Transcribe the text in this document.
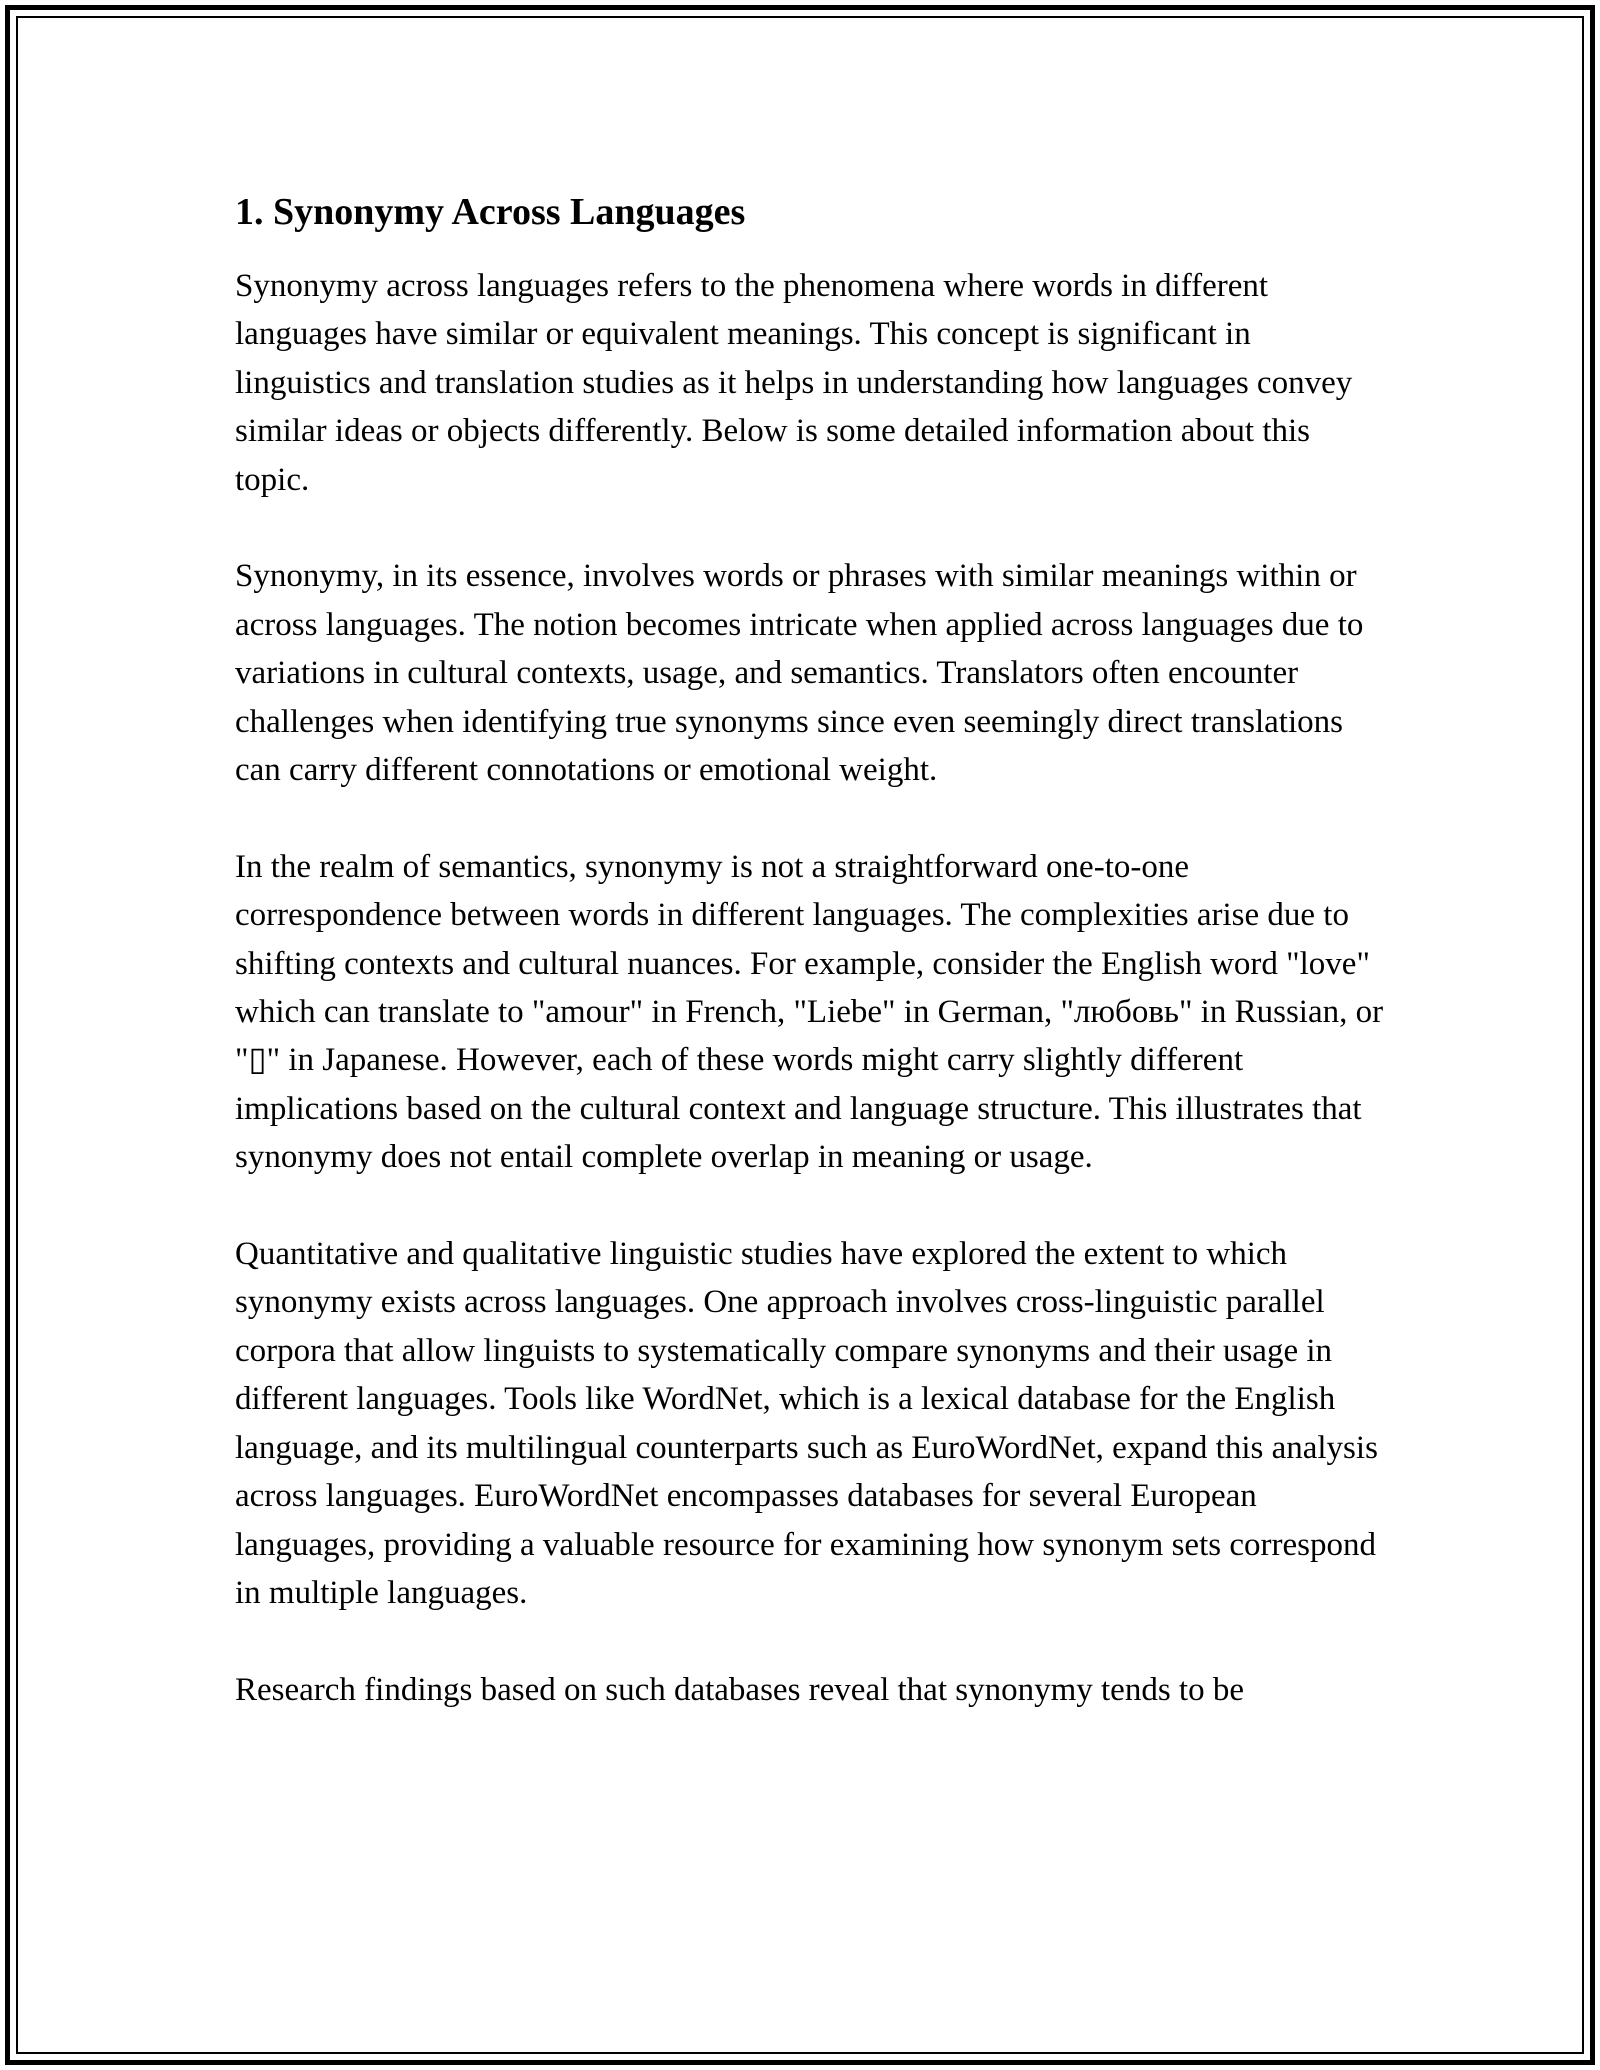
1. Synonymy Across Languages

Synonymy across languages refers to the phenomena where words in different languages have similar or equivalent meanings. This concept is significant in linguistics and translation studies as it helps in understanding how languages convey similar ideas or objects differently. Below is some detailed information about this topic.

Synonymy, in its essence, involves words or phrases with similar meanings within or across languages. The notion becomes intricate when applied across languages due to variations in cultural contexts, usage, and semantics. Translators often encounter challenges when identifying true synonyms since even seemingly direct translations can carry different connotations or emotional weight.

In the realm of semantics, synonymy is not a straightforward one-to-one correspondence between words in different languages. The complexities arise due to shifting contexts and cultural nuances. For example, consider the English word "love" which can translate to "amour" in French, "Liebe" in German, "любовь" in Russian, or "▯" in Japanese. However, each of these words might carry slightly different implications based on the cultural context and language structure. This illustrates that synonymy does not entail complete overlap in meaning or usage.

Quantitative and qualitative linguistic studies have explored the extent to which synonymy exists across languages. One approach involves cross-linguistic parallel corpora that allow linguists to systematically compare synonyms and their usage in different languages. Tools like WordNet, which is a lexical database for the English language, and its multilingual counterparts such as EuroWordNet, expand this analysis across languages. EuroWordNet encompasses databases for several European languages, providing a valuable resource for examining how synonym sets correspond in multiple languages.

Research findings based on such databases reveal that synonymy tends to be
